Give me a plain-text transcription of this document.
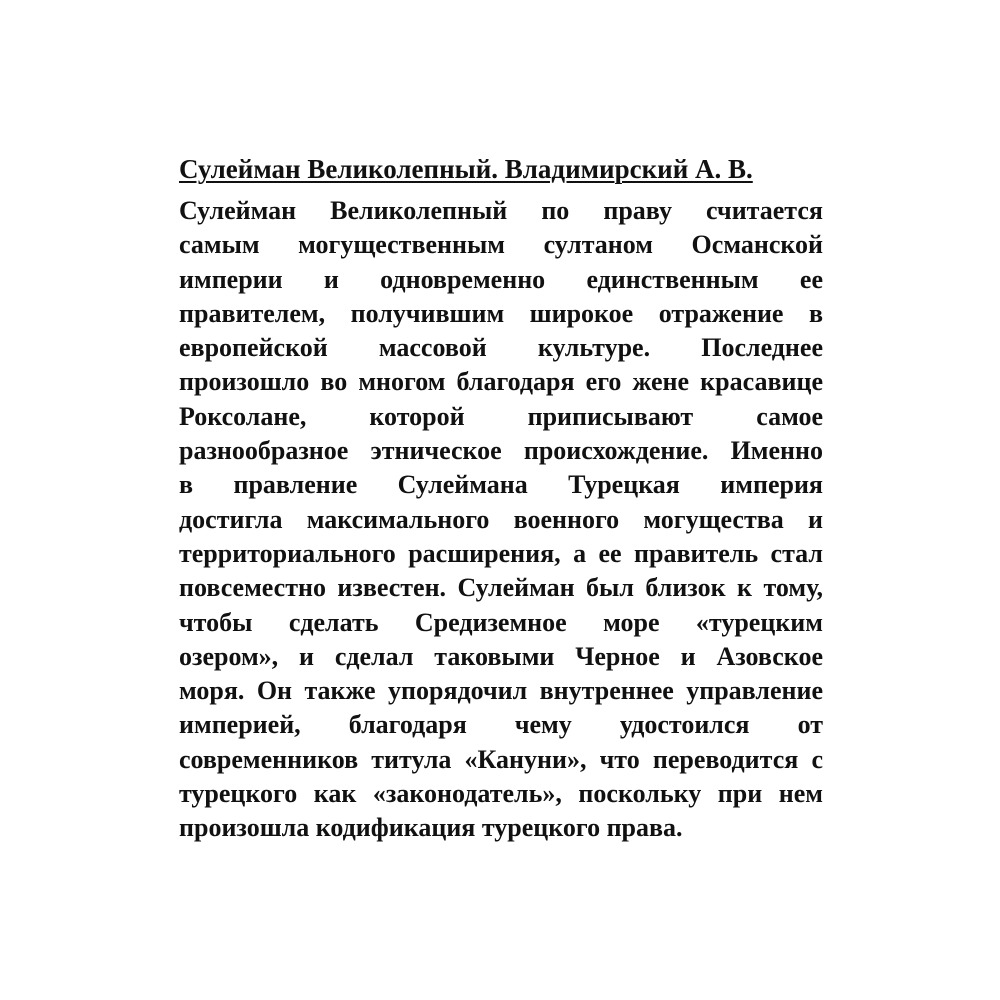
Сулейман Великолепный. Владимирский А. В.
Сулейман Великолепный по праву считается
самым могущественным султаном Османской
империи и одновременно единственным ее
правителем, получившим широкое отражение в
европейской массовой культуре. Последнее
произошло во многом благодаря его жене красавице
Роксолане, которой приписывают самое
разнообразное этническое происхождение. Именно
в правление Сулеймана Турецкая империя
достигла максимального военного могущества и
территориального расширения, а ее правитель стал
повсеместно известен. Сулейман был близок к тому,
чтобы сделать Средиземное море «турецким
озером», и сделал таковыми Черное и Азовское
моря. Он также упорядочил внутреннее управление
империей, благодаря чему удостоился от
современников титула «Кануни», что переводится с
турецкого как «законодатель», поскольку при нем
произошла кодификация турецкого права.
